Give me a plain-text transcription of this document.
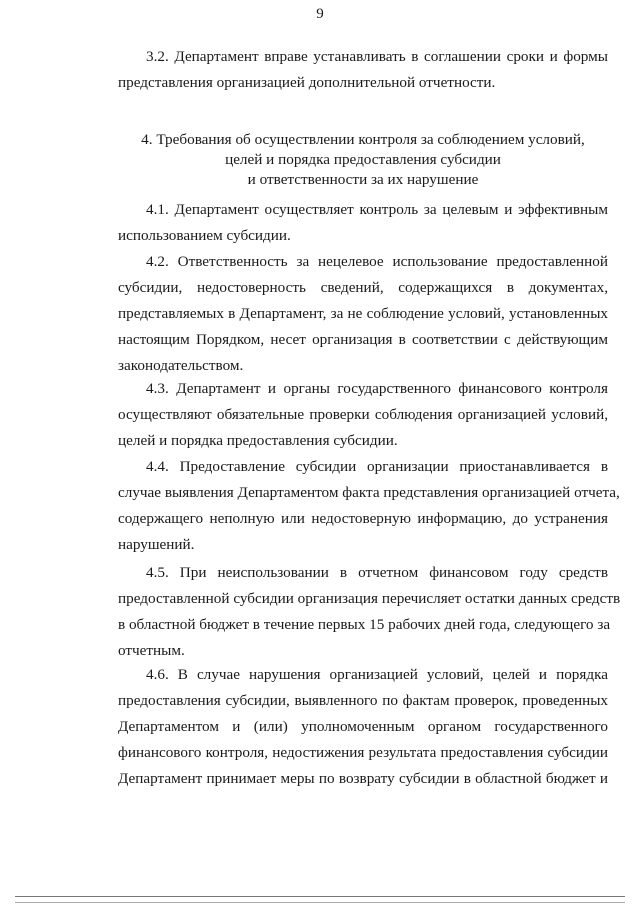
9
3.2. Департамент вправе устанавливать в соглашении сроки и формы
представления организацией дополнительной отчетности.
4. Требования об осуществлении контроля за соблюдением условий,
целей и порядка предоставления субсидии
и ответственности за их нарушение
4.1. Департамент осуществляет контроль за целевым и эффективным
использованием субсидии.
4.2. Ответственность за нецелевое использование предоставленной
субсидии, недостоверность сведений, содержащихся в документах,
представляемых в Департамент, за не соблюдение условий, установленных
настоящим Порядком, несет организация в соответствии с действующим
законодательством.
4.3. Департамент и органы государственного финансового контроля
осуществляют обязательные проверки соблюдения организацией условий,
целей и порядка предоставления субсидии.
4.4. Предоставление субсидии организации приостанавливается в
случае выявления Департаментом факта представления организацией отчета,
содержащего неполную или недостоверную информацию, до устранения
нарушений.
4.5. При неиспользовании в отчетном финансовом году средств
предоставленной субсидии организация перечисляет остатки данных средств
в областной бюджет в течение первых 15 рабочих дней года, следующего за
отчетным.
4.6. В случае нарушения организацией условий, целей и порядка
предоставления субсидии, выявленного по фактам проверок, проведенных
Департаментом и (или) уполномоченным органом государственного
финансового контроля, недостижения результата предоставления субсидии
Департамент принимает меры по возврату субсидии в областной бюджет и
